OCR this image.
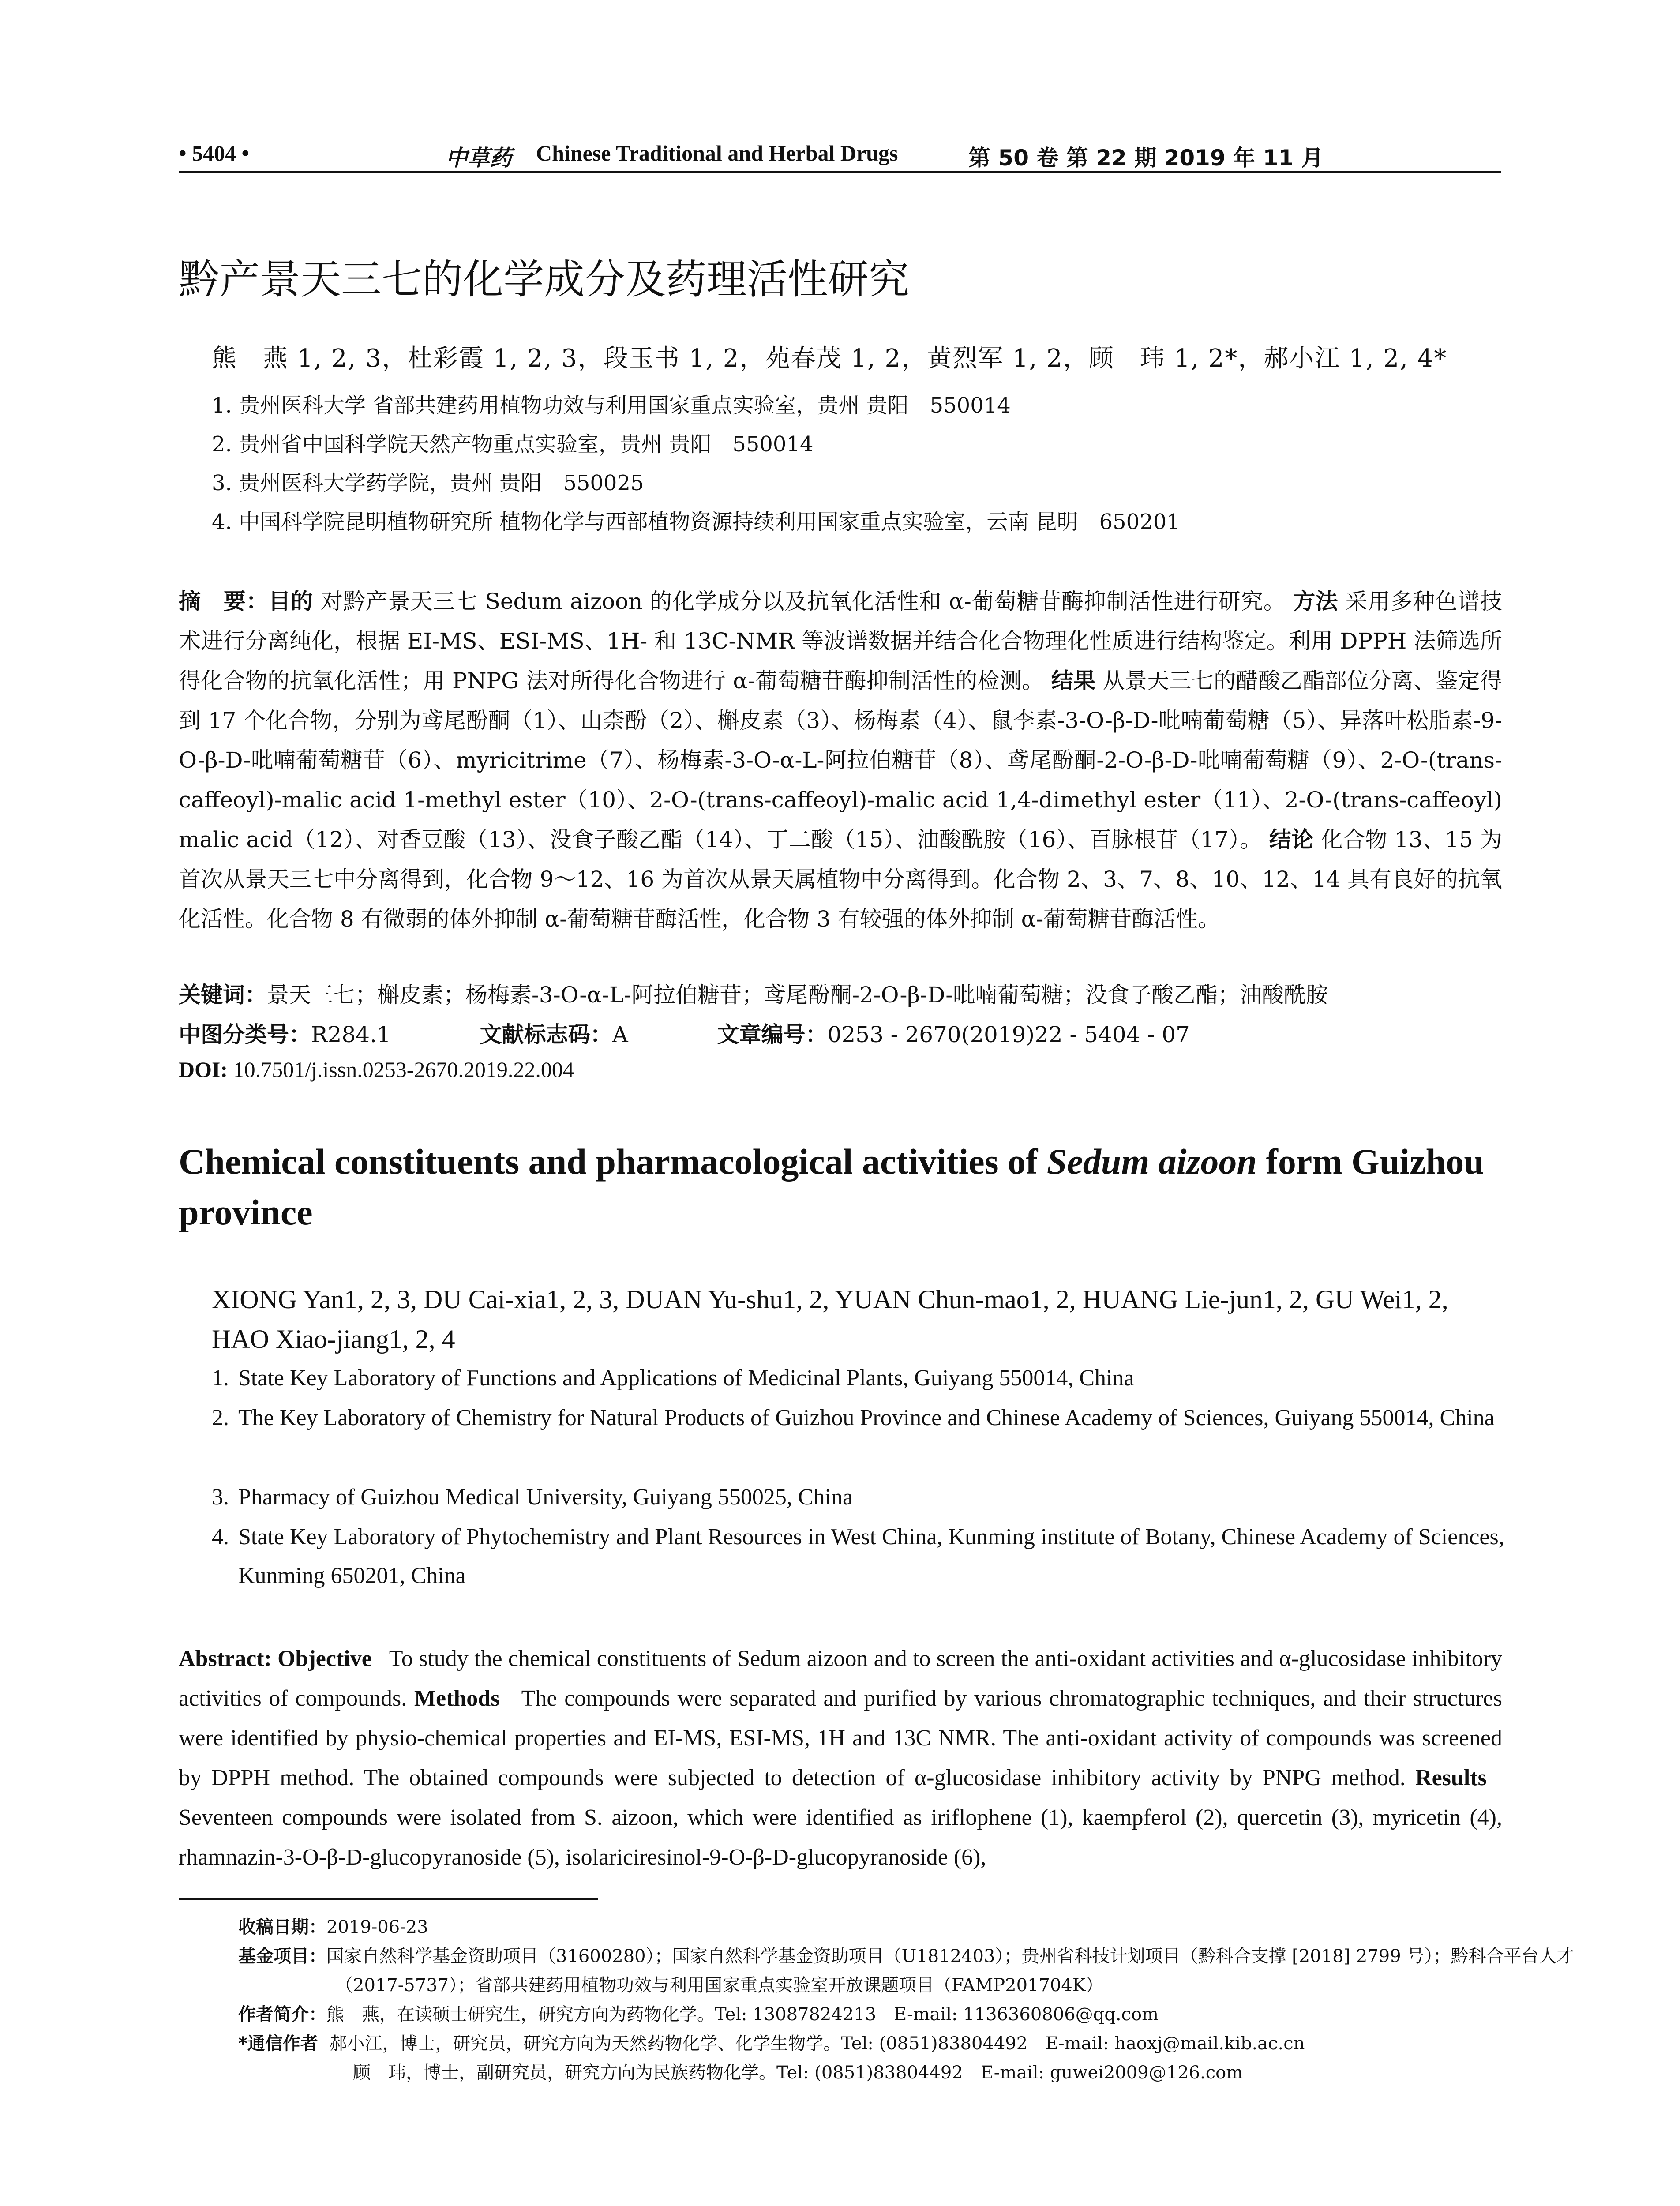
• 5404 •	中草药 Chinese Traditional and Herbal Drugs	第 50 卷 第 22 期 2019 年 11 月
黔产景天三七的化学成分及药理活性研究
熊　燕 1, 2, 3，杜彩霞 1, 2, 3，段玉书 1, 2，苑春茂 1, 2，黄烈军 1, 2，顾　玮 1, 2*，郝小江 1, 2, 4*
1. 贵州医科大学 省部共建药用植物功效与利用国家重点实验室，贵州 贵阳　550014
2. 贵州省中国科学院天然产物重点实验室，贵州 贵阳　550014
3. 贵州医科大学药学院，贵州 贵阳　550025
4. 中国科学院昆明植物研究所 植物化学与西部植物资源持续利用国家重点实验室，云南 昆明　650201
摘　要：目的 对黔产景天三七 Sedum aizoon 的化学成分以及抗氧化活性和 α-葡萄糖苷酶抑制活性进行研究。 方法 采用多种色谱技术进行分离纯化，根据 EI-MS、ESI-MS、1H- 和 13C-NMR 等波谱数据并结合化合物理化性质进行结构鉴定。利用 DPPH 法筛选所得化合物的抗氧化活性；用 PNPG 法对所得化合物进行 α-葡萄糖苷酶抑制活性的检测。 结果 从景天三七的醋酸乙酯部位分离、鉴定得到 17 个化合物，分别为鸢尾酚酮（1）、山柰酚（2）、槲皮素（3）、杨梅素（4）、鼠李素-3-O-β-D-吡喃葡萄糖（5）、异落叶松脂素-9-O-β-D-吡喃葡萄糖苷（6）、myricitrime（7）、杨梅素-3-O-α-L-阿拉伯糖苷（8）、鸢尾酚酮-2-O-β-D-吡喃葡萄糖（9）、2-O-(trans-caffeoyl)-malic acid 1-methyl ester（10）、2-O-(trans-caffeoyl)-malic acid 1,4-dimethyl ester（11）、2-O-(trans-caffeoyl) malic acid（12）、对香豆酸（13）、没食子酸乙酯（14）、丁二酸（15）、油酸酰胺（16）、百脉根苷（17）。 结论 化合物 13、15 为首次从景天三七中分离得到，化合物 9～12、16 为首次从景天属植物中分离得到。化合物 2、3、7、8、10、12、14 具有良好的抗氧化活性。化合物 8 有微弱的体外抑制 α-葡萄糖苷酶活性，化合物 3 有较强的体外抑制 α-葡萄糖苷酶活性。
关键词：景天三七；槲皮素；杨梅素-3-O-α-L-阿拉伯糖苷；鸢尾酚酮-2-O-β-D-吡喃葡萄糖；没食子酸乙酯；油酸酰胺
中图分类号：R284.1	文献标志码：A	文章编号：0253 - 2670(2019)22 - 5404 - 07
DOI: 10.7501/j.issn.0253-2670.2019.22.004
Chemical constituents and pharmacological activities of Sedum aizoon form Guizhou province
XIONG Yan1, 2, 3, DU Cai-xia1, 2, 3, DUAN Yu-shu1, 2, YUAN Chun-mao1, 2, HUANG Lie-jun1, 2, GU Wei1, 2, HAO Xiao-jiang1, 2, 4
1. State Key Laboratory of Functions and Applications of Medicinal Plants, Guiyang 550014, China
2. The Key Laboratory of Chemistry for Natural Products of Guizhou Province and Chinese Academy of Sciences, Guiyang 550014, China
3. Pharmacy of Guizhou Medical University, Guiyang 550025, China
4. State Key Laboratory of Phytochemistry and Plant Resources in West China, Kunming institute of Botany, Chinese Academy of Sciences, Kunming 650201, China
Abstract: Objective To study the chemical constituents of Sedum aizoon and to screen the anti-oxidant activities and α-glucosidase inhibitory activities of compounds. Methods The compounds were separated and purified by various chromatographic techniques, and their structures were identified by physio-chemical properties and EI-MS, ESI-MS, 1H and 13C NMR. The anti-oxidant activity of compounds was screened by DPPH method. The obtained compounds were subjected to detection of α-glucosidase inhibitory activity by PNPG method. Results   Seventeen compounds were isolated from S. aizoon, which were identified as iriflophene (1), kaempferol (2), quercetin (3), myricetin (4), rhamnazin-3-O-β-D-glucopyranoside (5), isolariciresinol-9-O-β-D-glucopyranoside (6),
收稿日期：2019-06-23
基金项目：国家自然科学基金资助项目（31600280）；国家自然科学基金资助项目（U1812403）；贵州省科技计划项目（黔科合支撑 [2018] 2799 号）；黔科合平台人才（2017-5737）；省部共建药用植物功效与利用国家重点实验室开放课题项目（FAMP201704K）
作者简介：熊　燕，在读硕士研究生，研究方向为药物化学。Tel: 13087824213　E-mail: 1136360806@qq.com
*通信作者 郝小江，博士，研究员，研究方向为天然药物化学、化学生物学。Tel: (0851)83804492　E-mail: haoxj@mail.kib.ac.cn
顾　玮，博士，副研究员，研究方向为民族药物化学。Tel: (0851)83804492　E-mail: guwei2009@126.com
